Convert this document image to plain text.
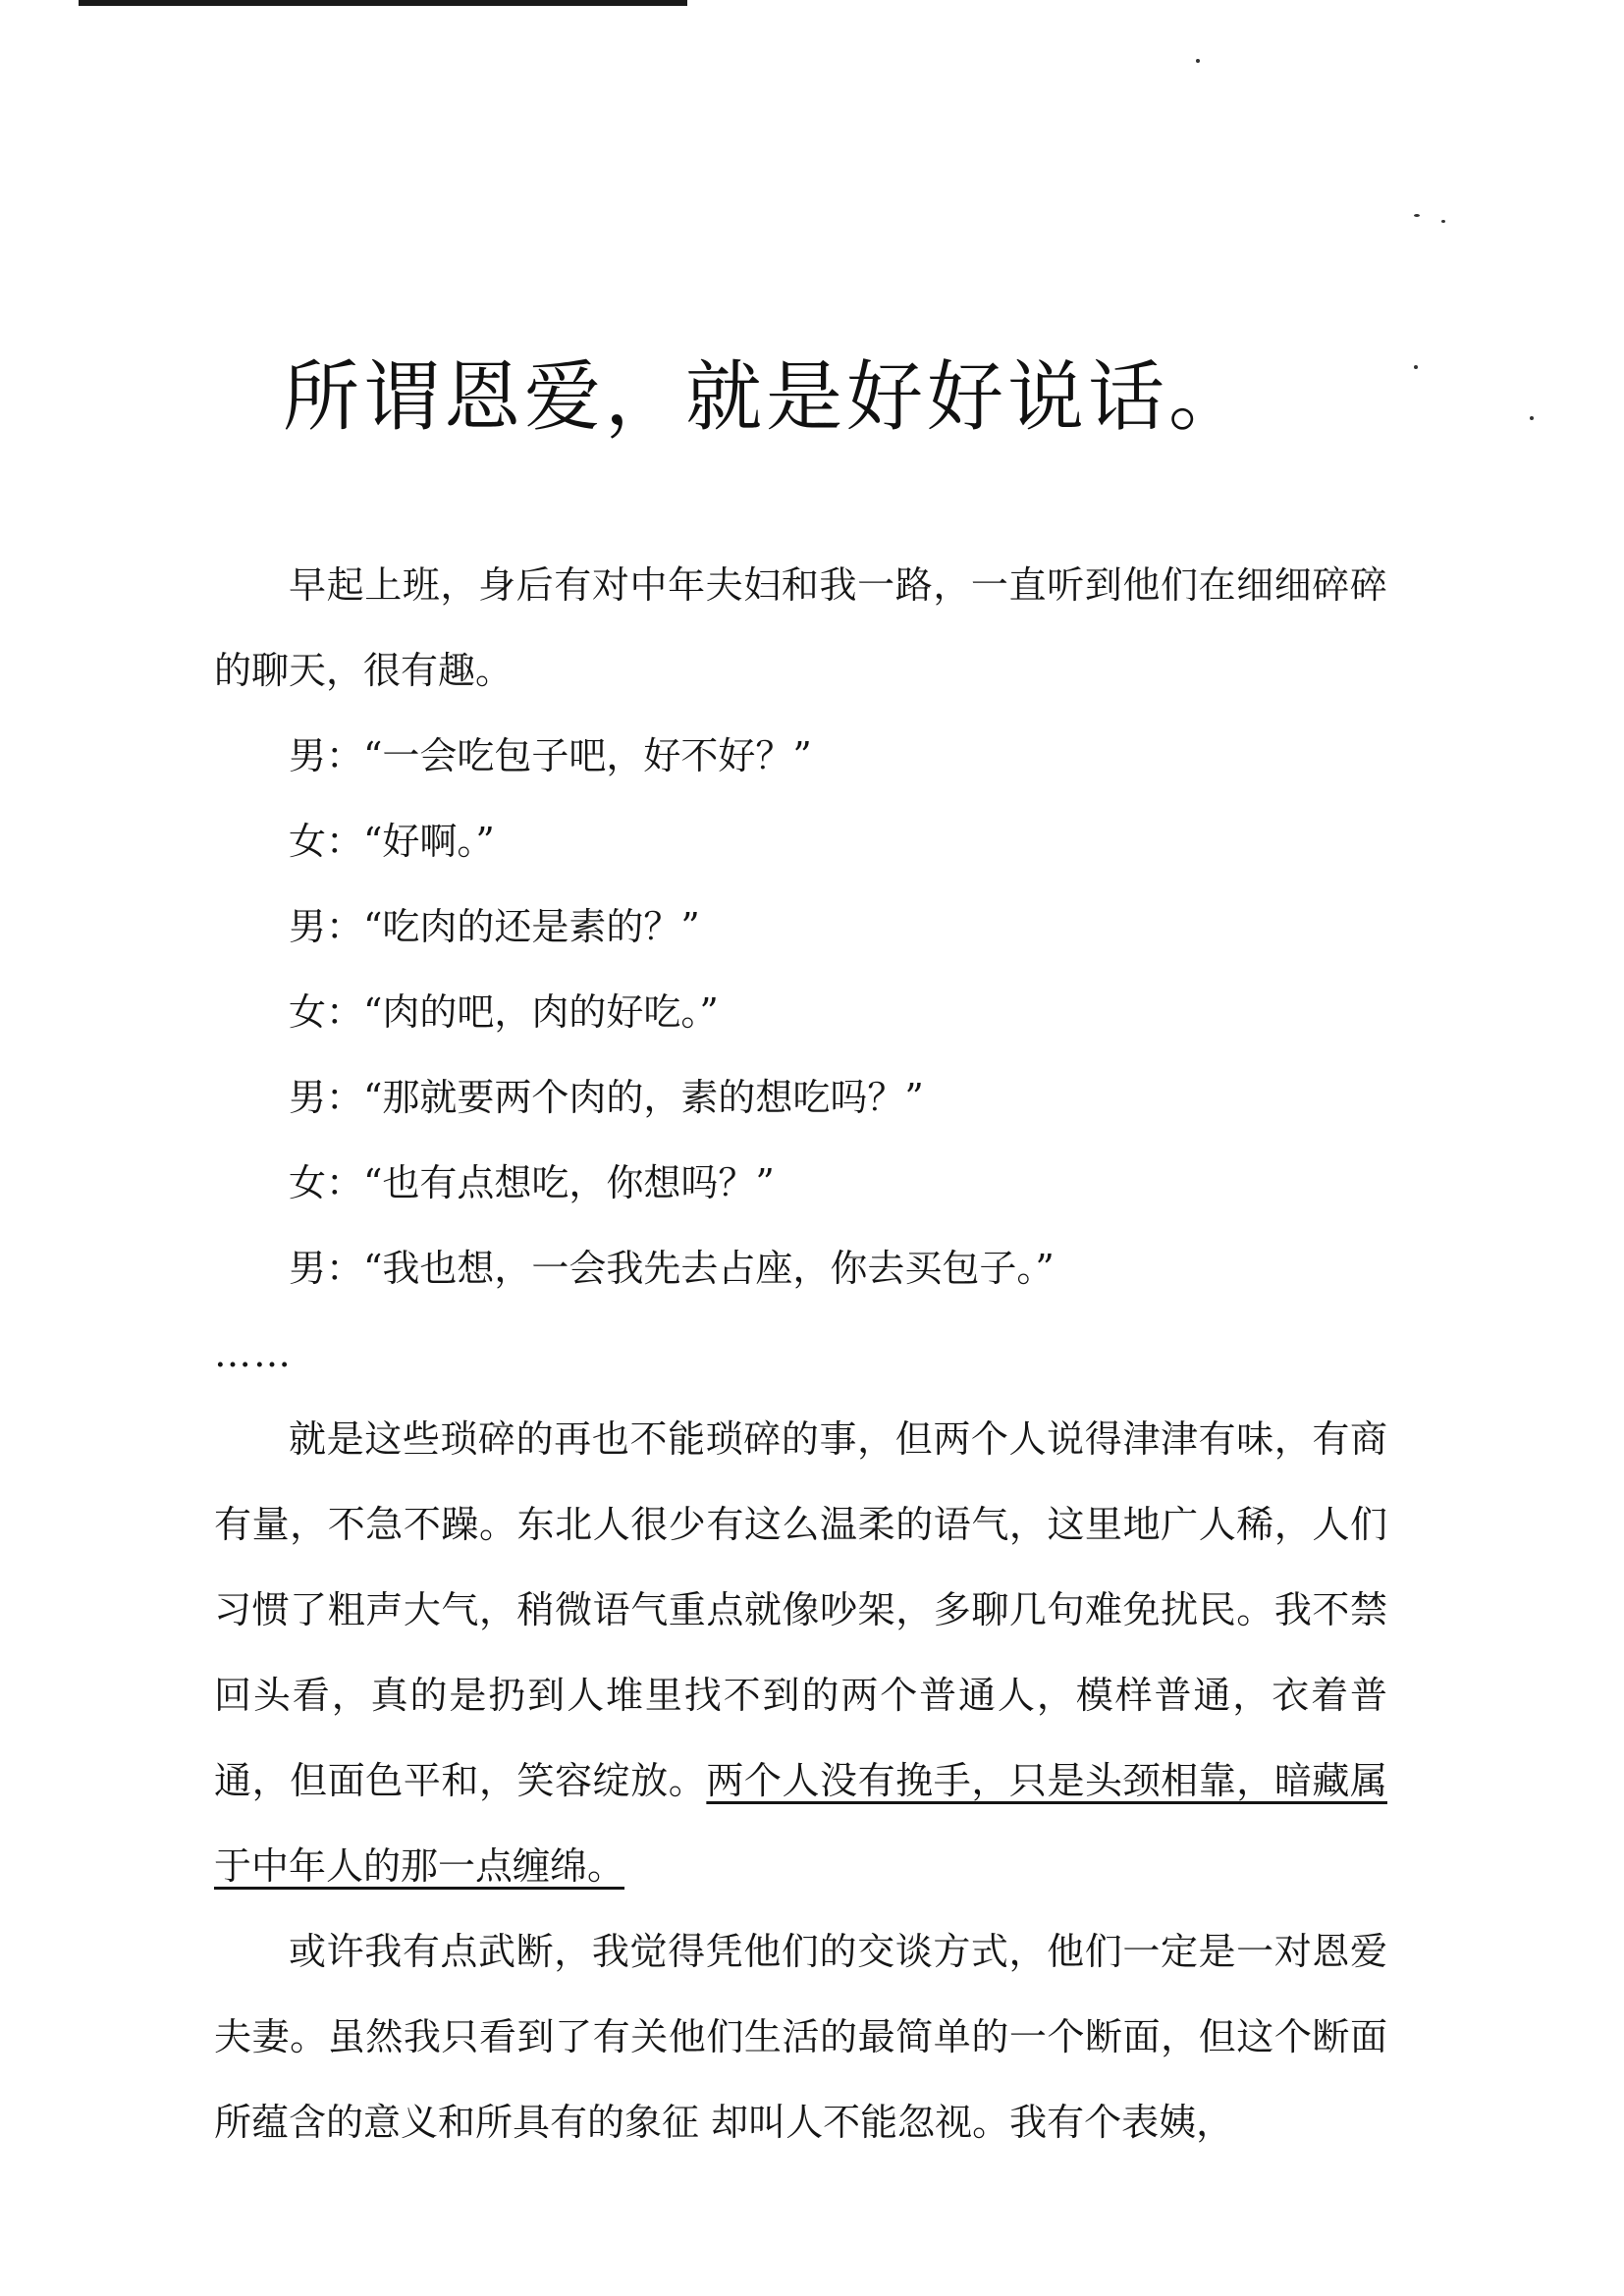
所谓恩爱，就是好好说话。

早起上班，身后有对中年夫妇和我一路，一直听到他们在细细碎碎的聊天，很有趣。

男：“一会吃包子吧，好不好？”

女：“好啊。”

男：“吃肉的还是素的？”

女：“肉的吧，肉的好吃。”

男：“那就要两个肉的，素的想吃吗？”

女：“也有点想吃，你想吗？”

男：“我也想，一会我先去占座，你去买包子。”

……

就是这些琐碎的再也不能琐碎的事，但两个人说得津津有味，有商有量，不急不躁。东北人很少有这么温柔的语气，这里地广人稀，人们习惯了粗声大气，稍微语气重点就像吵架，多聊几句难免扰民。我不禁回头看，真的是扔到人堆里找不到的两个普通人，模样普通，衣着普通，但面色平和，笑容绽放。两个人没有挽手，只是头颈相靠，暗藏属于中年人的那一点缠绵。

或许我有点武断，我觉得凭他们的交谈方式，他们一定是一对恩爱夫妻。虽然我只看到了有关他们生活的最简单的一个断面，但这个断面所蕴含的意义和所具有的象征 却叫人不能忽视。我有个表姨，
